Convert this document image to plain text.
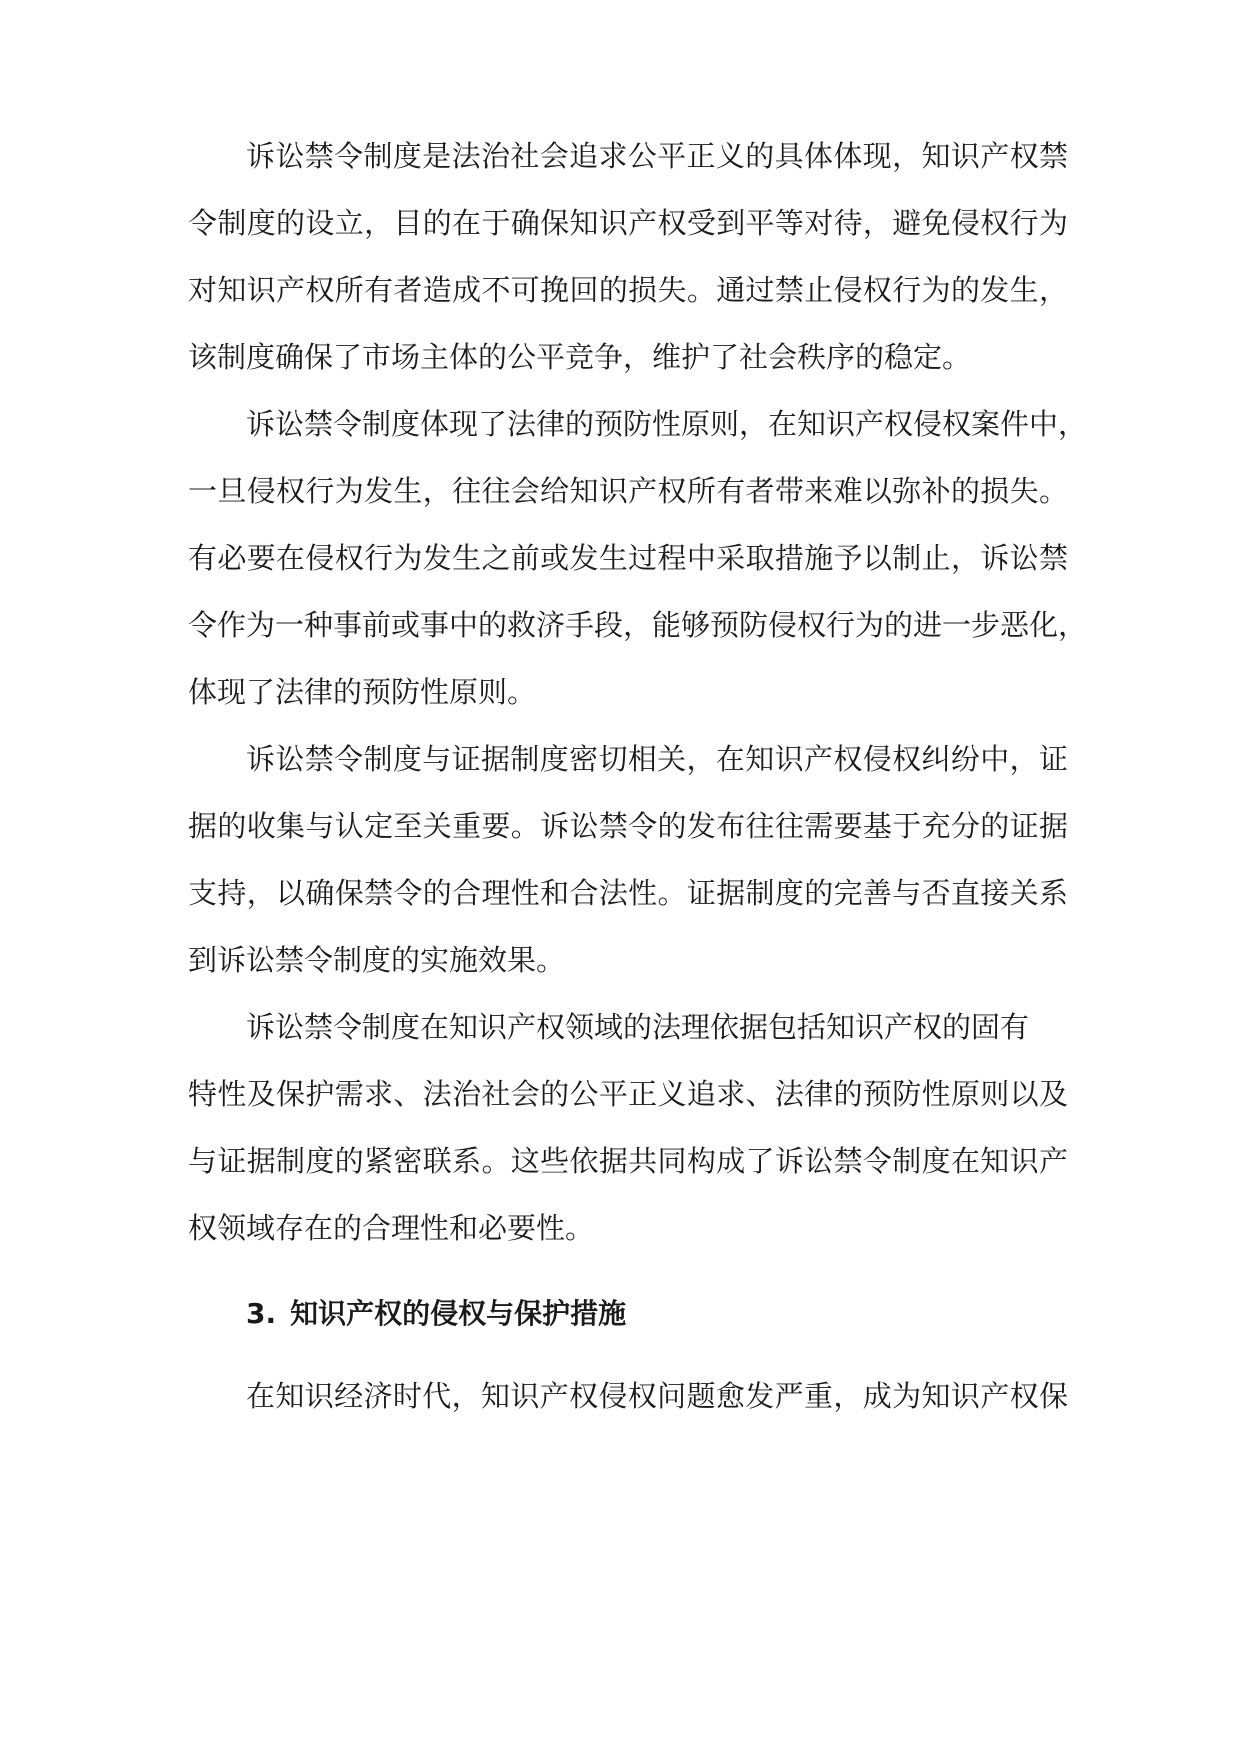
诉讼禁令制度是法治社会追求公平正义的具体体现，知识产权禁
令制度的设立，目的在于确保知识产权受到平等对待，避免侵权行为
对知识产权所有者造成不可挽回的损失。通过禁止侵权行为的发生，
该制度确保了市场主体的公平竞争，维护了社会秩序的稳定。
诉讼禁令制度体现了法律的预防性原则，在知识产权侵权案件中，
一旦侵权行为发生，往往会给知识产权所有者带来难以弥补的损失。
有必要在侵权行为发生之前或发生过程中采取措施予以制止，诉讼禁
令作为一种事前或事中的救济手段，能够预防侵权行为的进一步恶化，
体现了法律的预防性原则。
诉讼禁令制度与证据制度密切相关，在知识产权侵权纠纷中，证
据的收集与认定至关重要。诉讼禁令的发布往往需要基于充分的证据
支持，以确保禁令的合理性和合法性。证据制度的完善与否直接关系
到诉讼禁令制度的实施效果。
诉讼禁令制度在知识产权领域的法理依据包括知识产权的固有
特性及保护需求、法治社会的公平正义追求、法律的预防性原则以及
与证据制度的紧密联系。这些依据共同构成了诉讼禁令制度在知识产
权领域存在的合理性和必要性。
3. 知识产权的侵权与保护措施
在知识经济时代，知识产权侵权问题愈发严重，成为知识产权保
